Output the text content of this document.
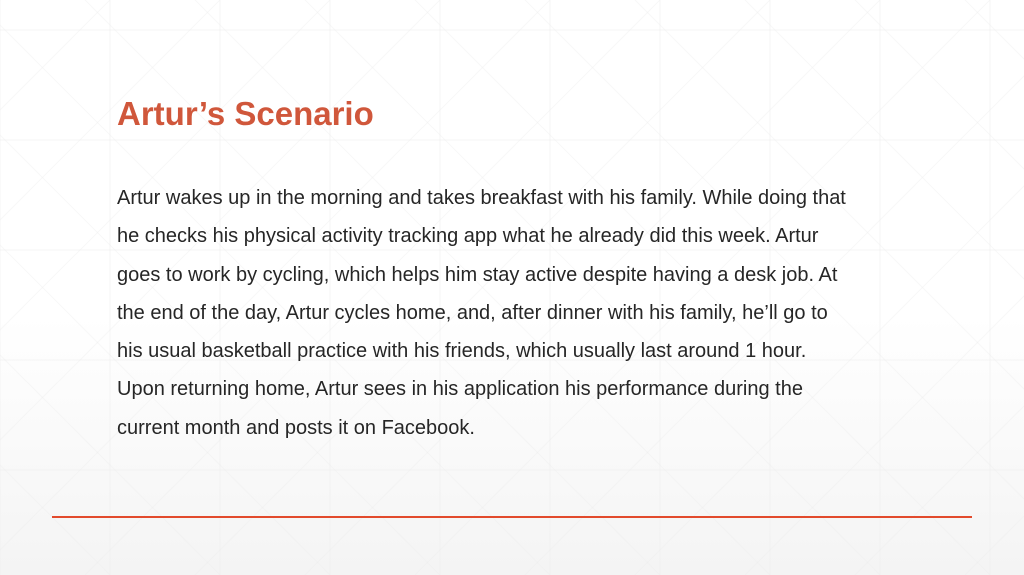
Artur’s Scenario

Artur wakes up in the morning and takes breakfast with his family. While doing that
he checks his physical activity tracking app what he already did this week. Artur
goes to work by cycling, which helps him stay active despite having a desk job. At
the end of the day, Artur cycles home, and, after dinner with his family, he’ll go to
his usual basketball practice with his friends, which usually last around 1 hour.
Upon returning home, Artur sees in his application his performance during the
current month and posts it on Facebook.
